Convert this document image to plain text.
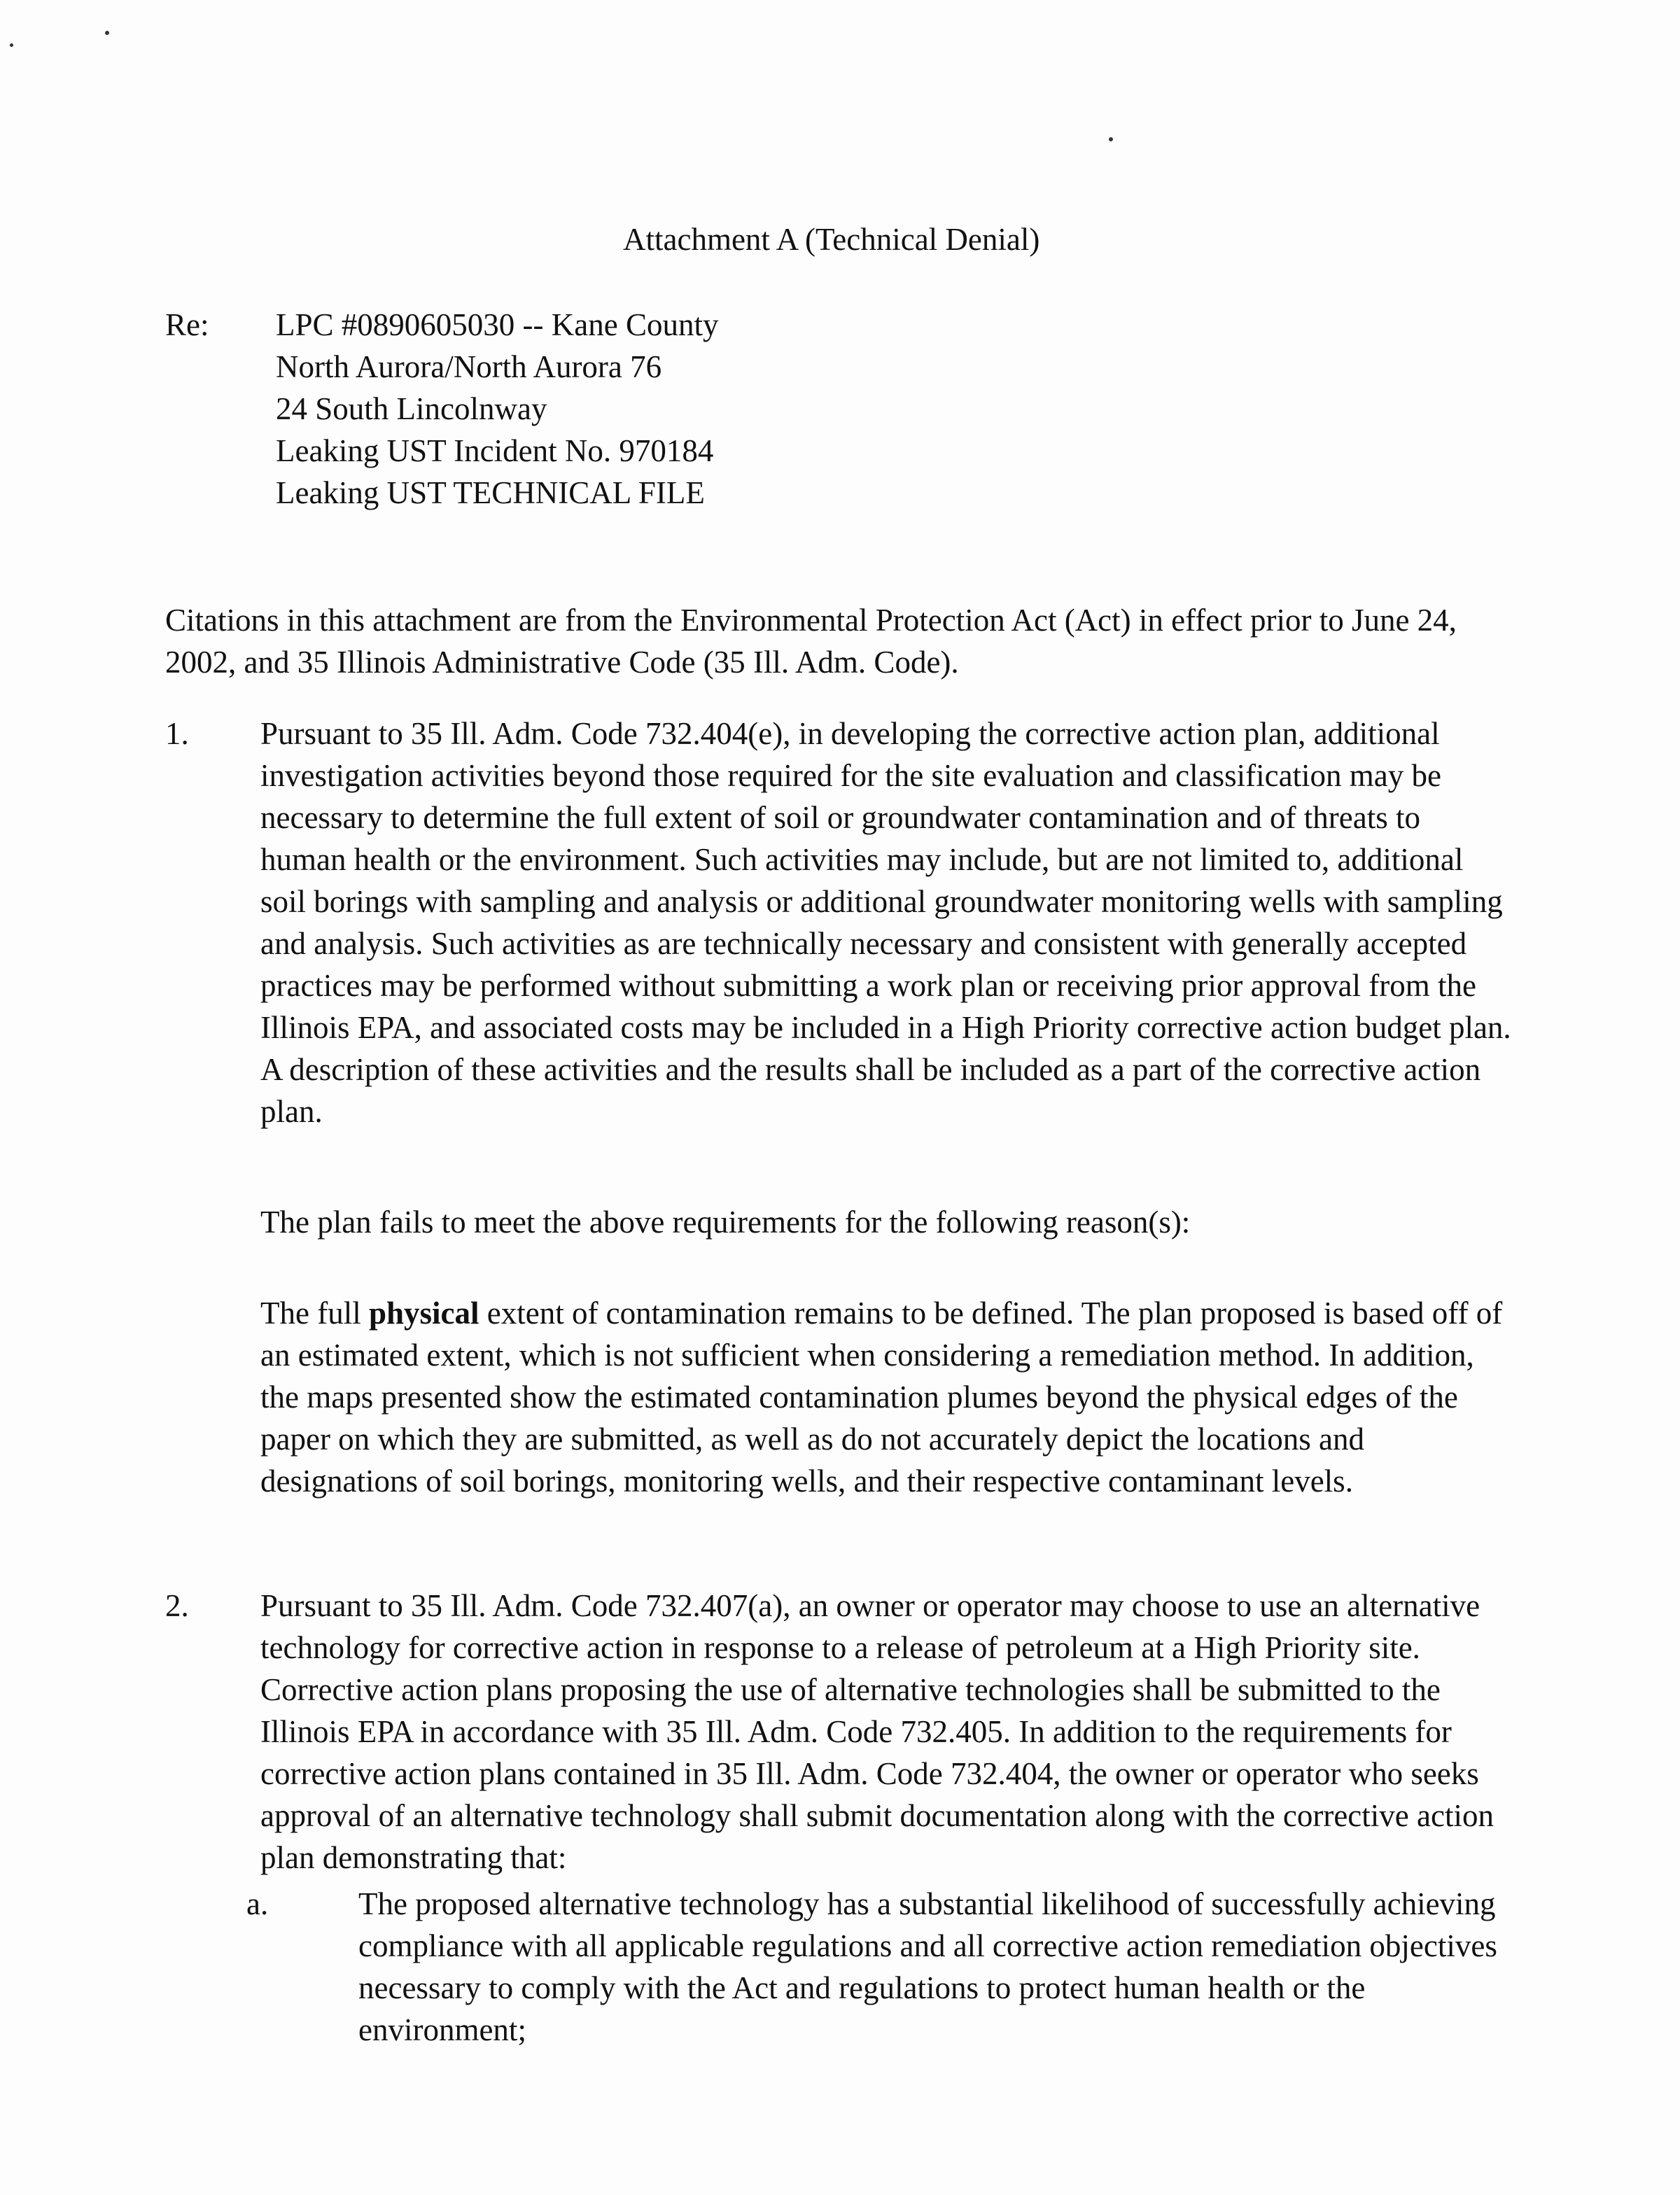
Attachment A (Technical Denial)

Re: LPC #0890605030 -- Kane County
North Aurora/North Aurora 76
24 South Lincolnway
Leaking UST Incident No. 970184
Leaking UST TECHNICAL FILE

Citations in this attachment are from the Environmental Protection Act (Act) in effect prior to June 24, 2002, and 35 Illinois Administrative Code (35 Ill. Adm. Code).

1. Pursuant to 35 Ill. Adm. Code 732.404(e), in developing the corrective action plan, additional investigation activities beyond those required for the site evaluation and classification may be necessary to determine the full extent of soil or groundwater contamination and of threats to human health or the environment. Such activities may include, but are not limited to, additional soil borings with sampling and analysis or additional groundwater monitoring wells with sampling and analysis. Such activities as are technically necessary and consistent with generally accepted practices may be performed without submitting a work plan or receiving prior approval from the Illinois EPA, and associated costs may be included in a High Priority corrective action budget plan. A description of these activities and the results shall be included as a part of the corrective action plan.

The plan fails to meet the above requirements for the following reason(s):

The full physical extent of contamination remains to be defined. The plan proposed is based off of an estimated extent, which is not sufficient when considering a remediation method. In addition, the maps presented show the estimated contamination plumes beyond the physical edges of the paper on which they are submitted, as well as do not accurately depict the locations and designations of soil borings, monitoring wells, and their respective contaminant levels.

2. Pursuant to 35 Ill. Adm. Code 732.407(a), an owner or operator may choose to use an alternative technology for corrective action in response to a release of petroleum at a High Priority site. Corrective action plans proposing the use of alternative technologies shall be submitted to the Illinois EPA in accordance with 35 Ill. Adm. Code 732.405. In addition to the requirements for corrective action plans contained in 35 Ill. Adm. Code 732.404, the owner or operator who seeks approval of an alternative technology shall submit documentation along with the corrective action plan demonstrating that:

a.	The proposed alternative technology has a substantial likelihood of successfully achieving compliance with all applicable regulations and all corrective action remediation objectives necessary to comply with the Act and regulations to protect human health or the environment;
